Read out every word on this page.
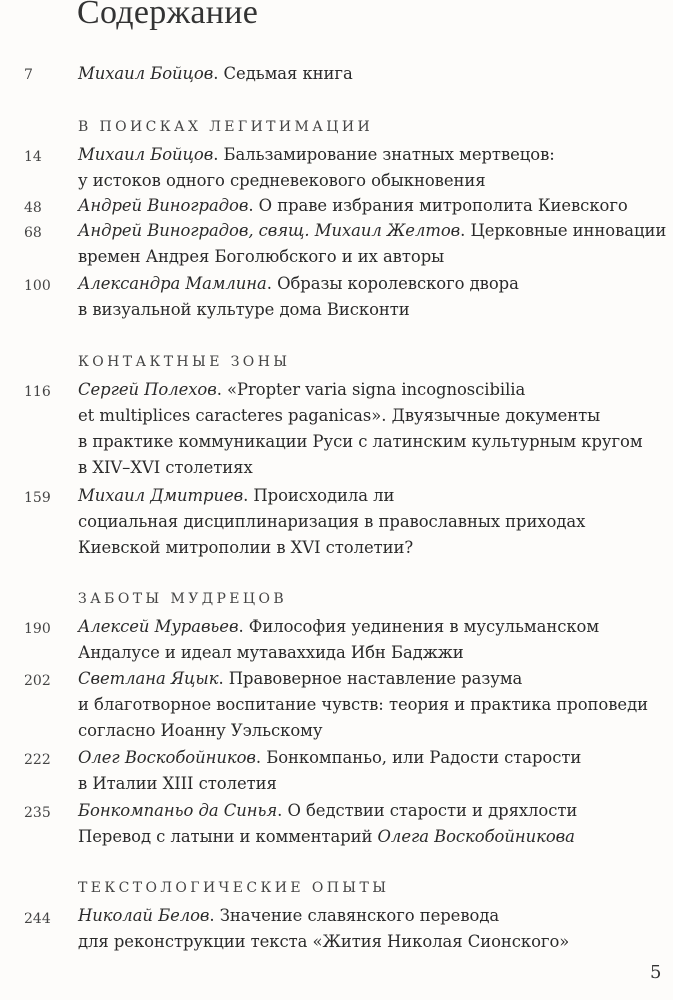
Содержание
7	Михаил Бойцов. Седьмая книга
В ПОИСКАХ ЛЕГИТИМАЦИИ
14	Михаил Бойцов. Бальзамирование знатных мертвецов:
у истоков одного средневекового обыкновения
48	Андрей Виноградов. О праве избрания митрополита Киевского
68	Андрей Виноградов, свящ. Михаил Желтов. Церковные инновации
времен Андрея Боголюбского и их авторы
100	Александра Мамлина. Образы королевского двора
в визуальной культуре дома Висконти
КОНТАКТНЫЕ ЗОНЫ
116	Сергей Полехов. «Propter varia signa incognoscibilia
et multiplices caracteres paganicas». Двуязычные документы
в практике коммуникации Руси с латинским культурным кругом
в XIV–XVI столетиях
159	Михаил Дмитриев. Происходила ли
социальная дисциплинаризация в православных приходах
Киевской митрополии в XVI столетии?
ЗАБОТЫ МУДРЕЦОВ
190	Алексей Муравьев. Философия уединения в мусульманском
Андалусе и идеал мутаваххида Ибн Баджжи
202	Светлана Яцык. Правоверное наставление разума
и благотворное воспитание чувств: теория и практика проповеди
согласно Иоанну Уэльскому
222	Олег Воскобойников. Бонкомпаньо, или Радости старости
в Италии XIII столетия
235	Бонкомпаньо да Синья. О бедствии старости и дряхлости
Перевод с латыни и комментарий Олега Воскобойникова
ТЕКСТОЛОГИЧЕСКИЕ ОПЫТЫ
244	Николай Белов. Значение славянского перевода
для реконструкции текста «Жития Николая Сионского»
5
